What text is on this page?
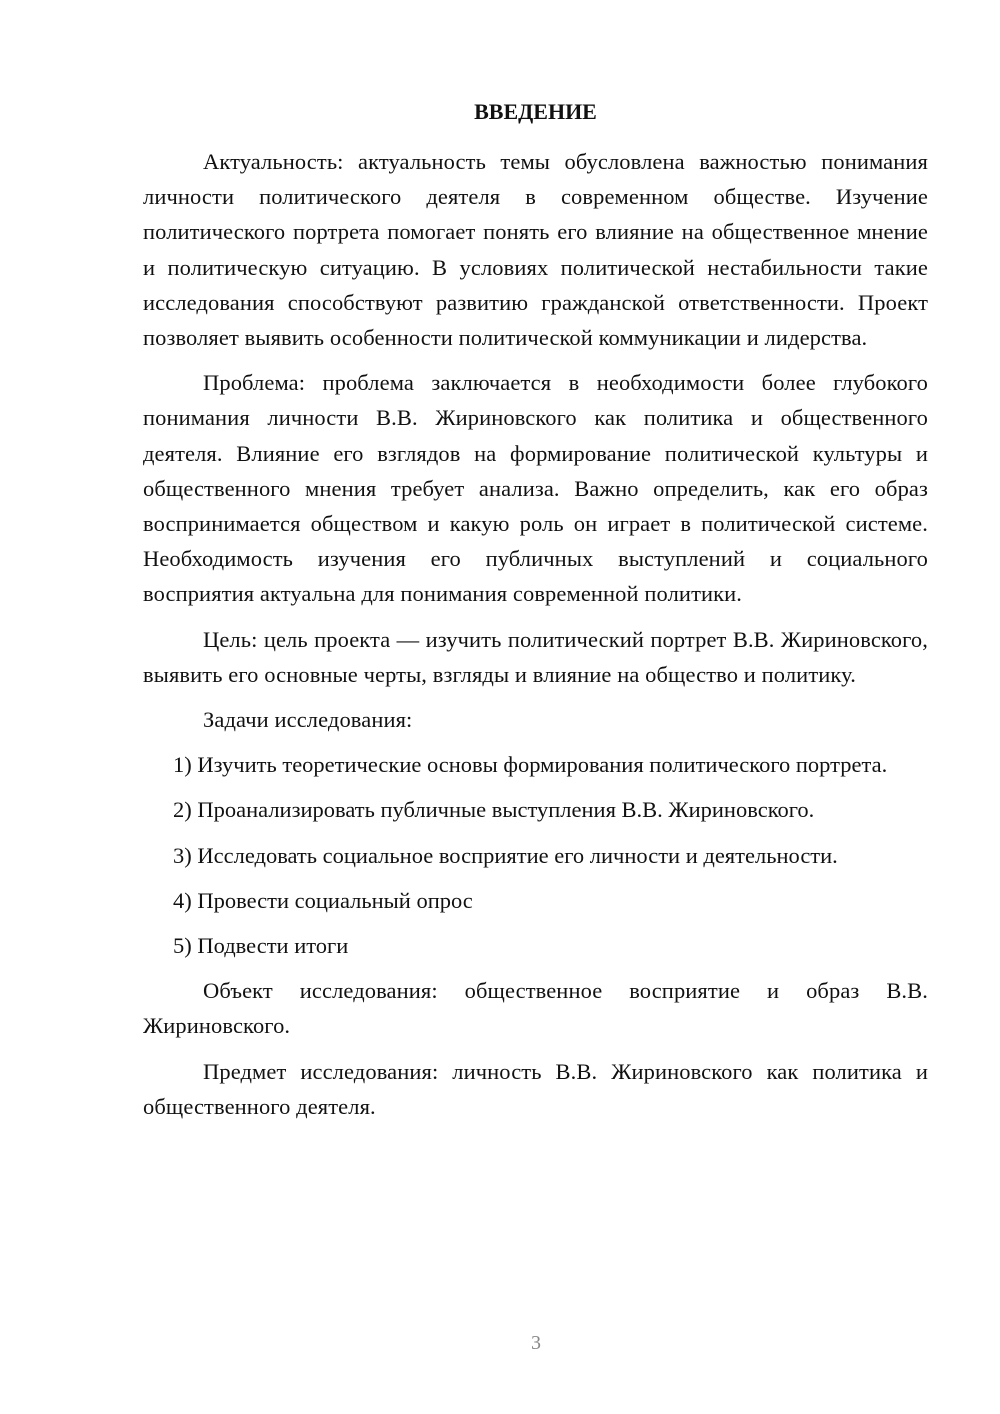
ВВЕДЕНИЕ

Актуальность: актуальность темы обусловлена важностью понимания личности политического деятеля в современном обществе. Изучение политического портрета помогает понять его влияние на общественное мнение и политическую ситуацию. В условиях политической нестабильности такие исследования способствуют развитию гражданской ответственности. Проект позволяет выявить особенности политической коммуникации и лидерства.

Проблема: проблема заключается в необходимости более глубокого понимания личности В.В. Жириновского как политика и общественного деятеля. Влияние его взглядов на формирование политической культуры и общественного мнения требует анализа. Важно определить, как его образ воспринимается обществом и какую роль он играет в политической системе. Необходимость изучения его публичных выступлений и социального восприятия актуальна для понимания современной политики.

Цель: цель проекта — изучить политический портрет В.В. Жириновского, выявить его основные черты, взгляды и влияние на общество и политику.

Задачи исследования:

1) Изучить теоретические основы формирования политического портрета.

2) Проанализировать публичные выступления В.В. Жириновского.

3) Исследовать социальное восприятие его личности и деятельности.

4) Провести социальный опрос

5) Подвести итоги

Объект исследования: общественное восприятие и образ В.В. Жириновского.

Предмет исследования: личность В.В. Жириновского как политика и общественного деятеля.

3
